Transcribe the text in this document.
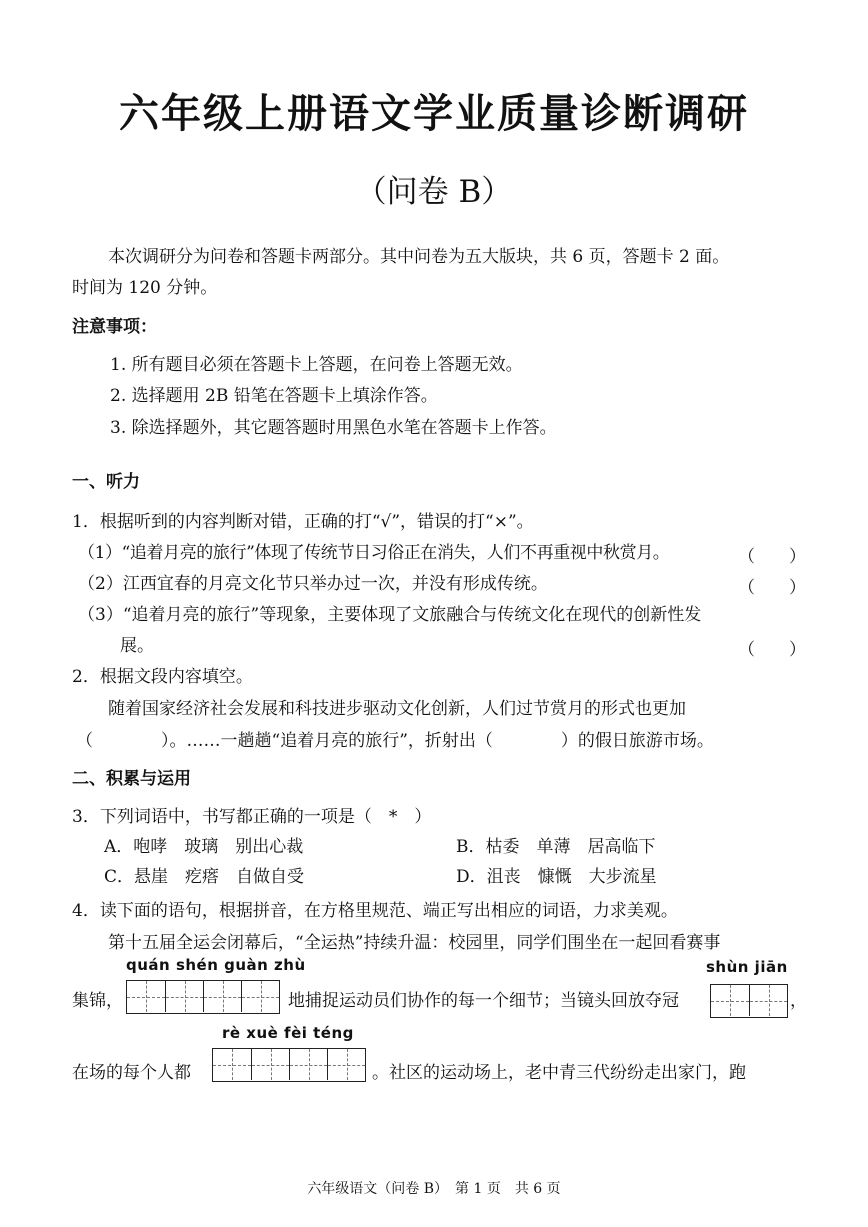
六年级上册语文学业质量诊断调研
（问卷 B）
本次调研分为问卷和答题卡两部分。其中问卷为五大版块，共 6 页，答题卡 2 面。
时间为 120 分钟。
注意事项：
1. 所有题目必须在答题卡上答题，在问卷上答题无效。
2. 选择题用 2B 铅笔在答题卡上填涂作答。
3. 除选择题外，其它题答题时用黑色水笔在答题卡上作答。
一、听力
1．根据听到的内容判断对错，正确的打“√”，错误的打“×”。
（1）“追着月亮的旅行”体现了传统节日习俗正在消失，人们不再重视中秋赏月。	（　　）
（2）江西宜春的月亮文化节只举办过一次，并没有形成传统。	（　　）
（3）“追着月亮的旅行”等现象，主要体现了文旅融合与传统文化在现代的创新性发
展。	（　　）
2．根据文段内容填空。
随着国家经济社会发展和科技进步驱动文化创新，人们过节赏月的形式也更加
（　　　　）。……一趟趟“追着月亮的旅行”，折射出（　　　　）的假日旅游市场。
二、积累与运用
3．下列词语中，书写都正确的一项是（　*　）
A．咆哮　玻璃　别出心裁	B．枯委　单薄　居高临下
C．悬崖　疙瘩　自做自受	D．沮丧　慷慨　大步流星
4．读下面的语句，根据拼音，在方格里规范、端正写出相应的词语，力求美观。
第十五届全运会闭幕后，“全运热”持续升温：校园里，同学们围坐在一起回看赛事
quán shén guàn zhù	shùn jiān
集锦，	地捕捉运动员们协作的每一个细节；当镜头回放夺冠	，
rè xuè fèi téng
在场的每个人都	。社区的运动场上，老中青三代纷纷走出家门，跑
六年级语文（问卷 B）　第 1 页　共 6 页
